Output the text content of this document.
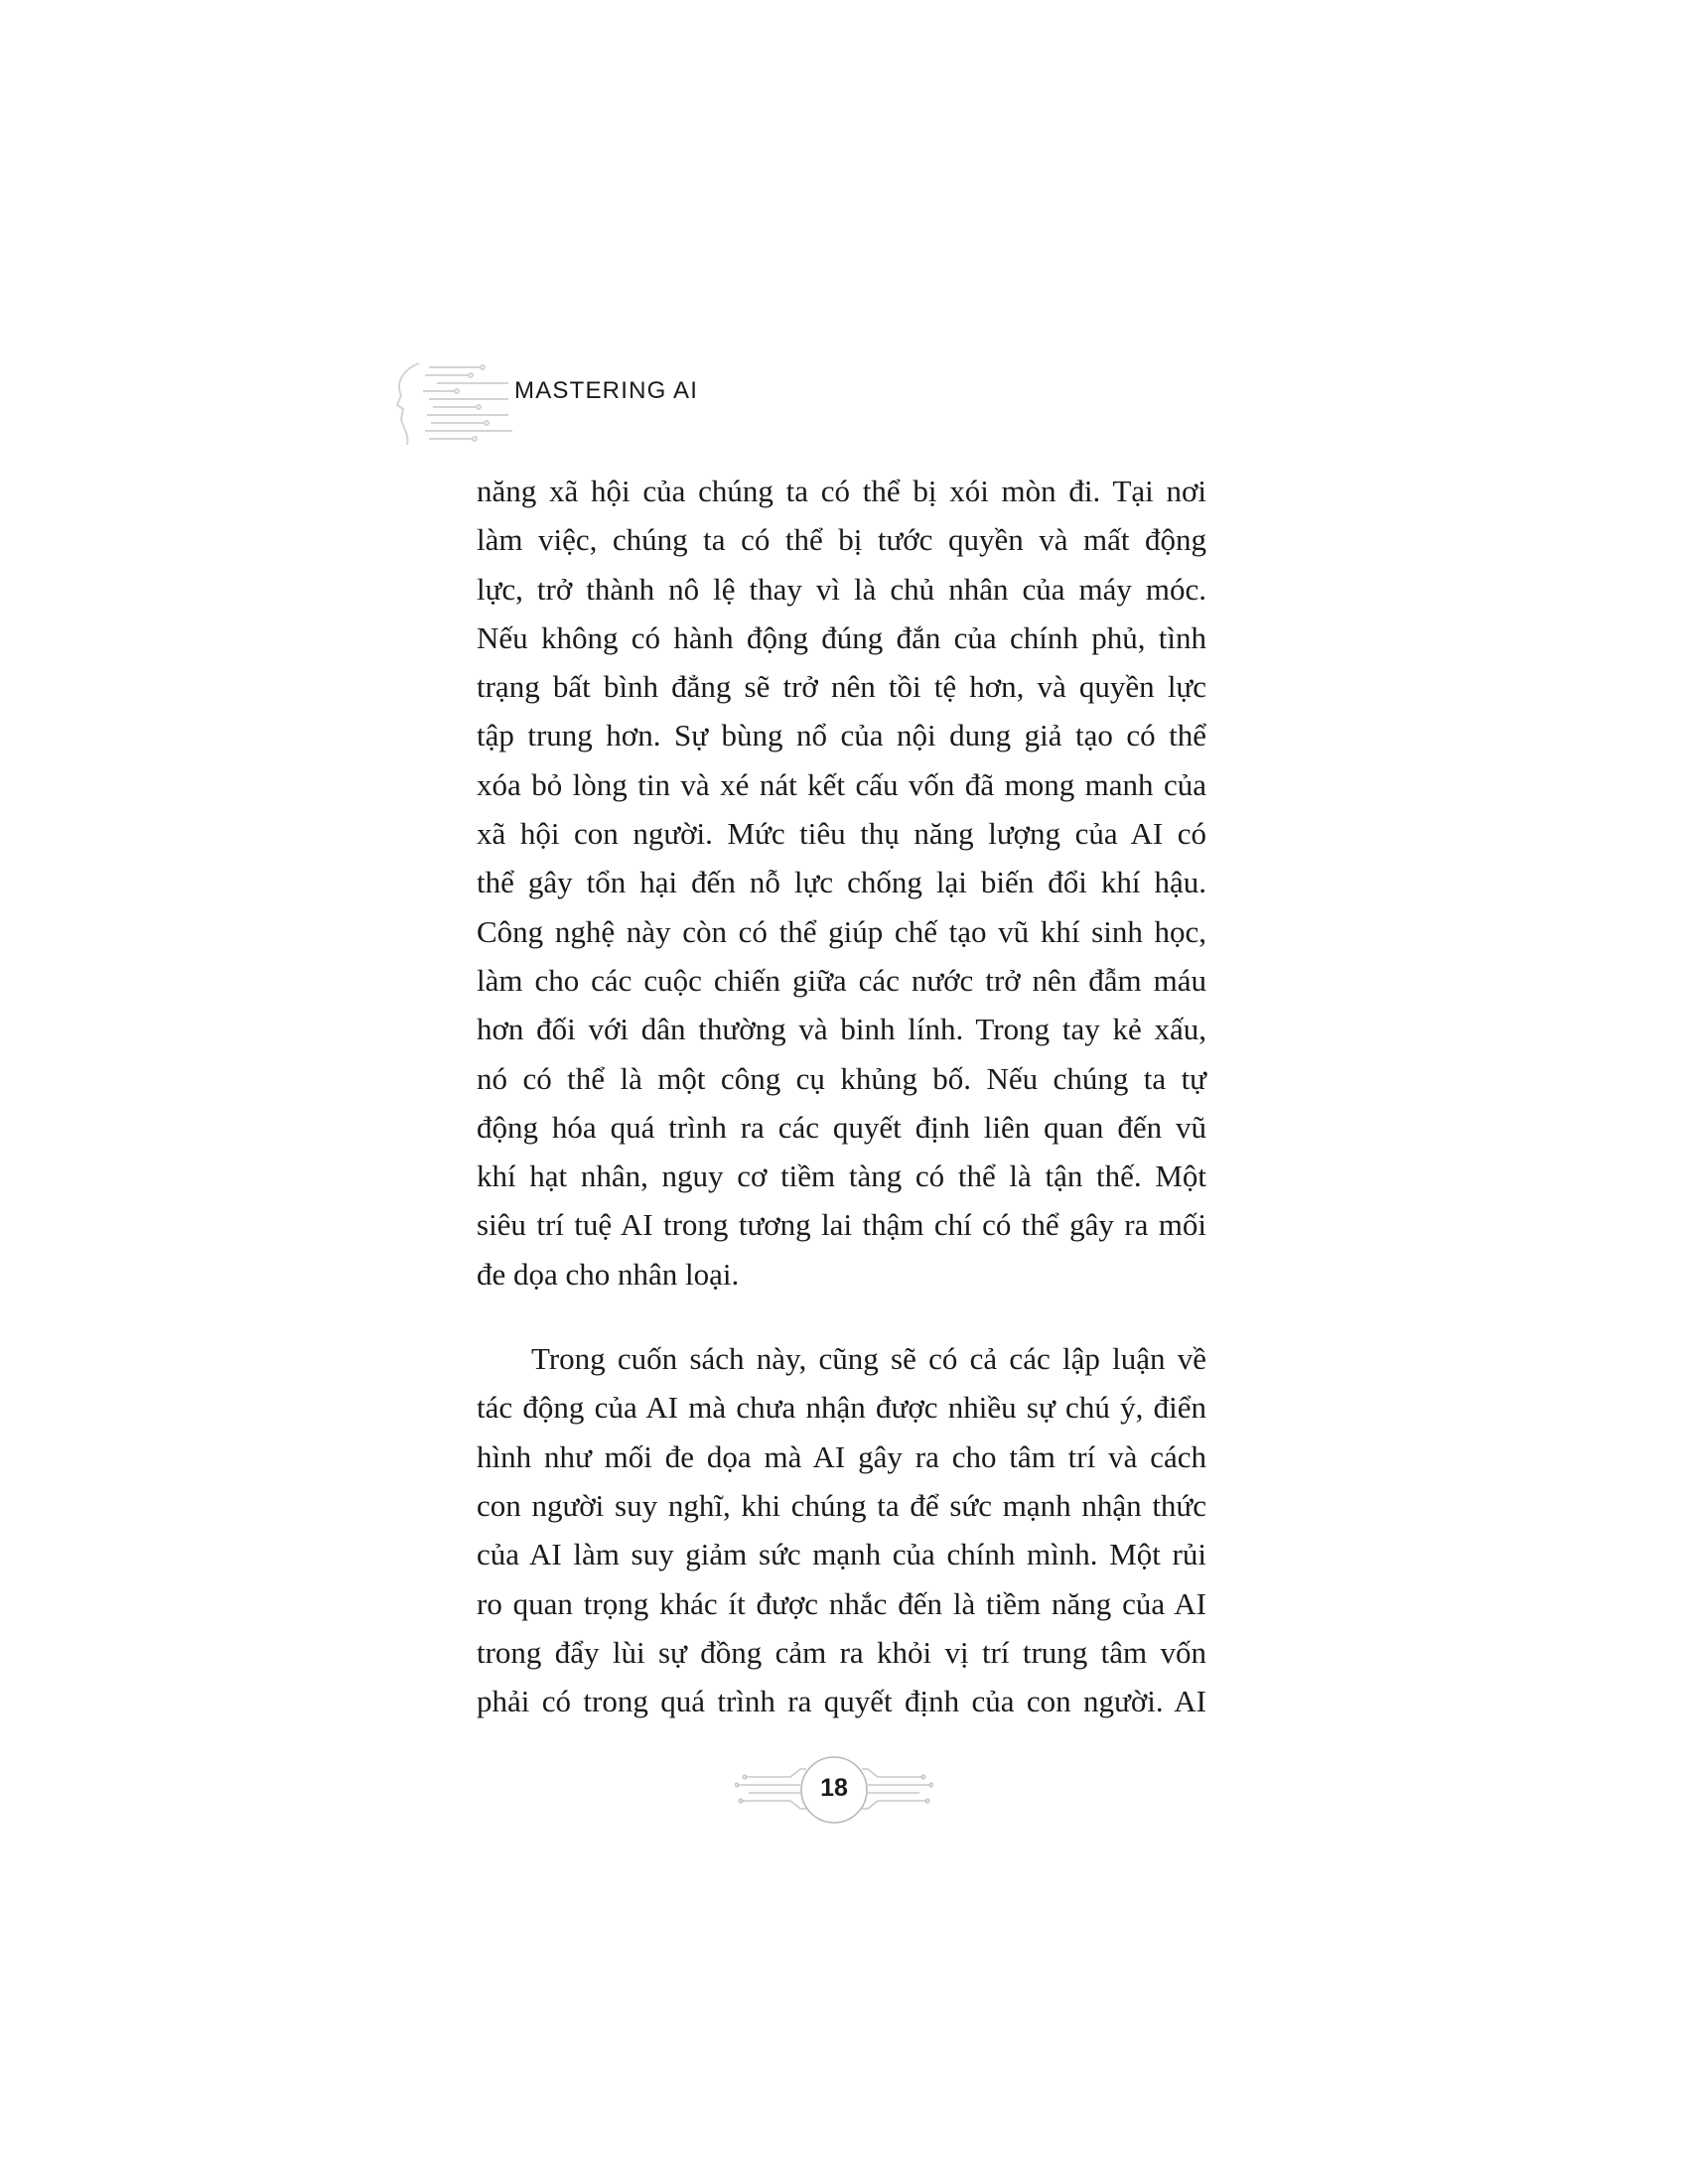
MASTERING AI
năng xã hội của chúng ta có thể bị xói mòn đi. Tại nơi
làm việc, chúng ta có thể bị tước quyền và mất động
lực, trở thành nô lệ thay vì là chủ nhân của máy móc.
Nếu không có hành động đúng đắn của chính phủ, tình
trạng bất bình đẳng sẽ trở nên tồi tệ hơn, và quyền lực
tập trung hơn. Sự bùng nổ của nội dung giả tạo có thể
xóa bỏ lòng tin và xé nát kết cấu vốn đã mong manh của
xã hội con người. Mức tiêu thụ năng lượng của AI có
thể gây tổn hại đến nỗ lực chống lại biến đổi khí hậu.
Công nghệ này còn có thể giúp chế tạo vũ khí sinh học,
làm cho các cuộc chiến giữa các nước trở nên đẫm máu
hơn đối với dân thường và binh lính. Trong tay kẻ xấu,
nó có thể là một công cụ khủng bố. Nếu chúng ta tự
động hóa quá trình ra các quyết định liên quan đến vũ
khí hạt nhân, nguy cơ tiềm tàng có thể là tận thế. Một
siêu trí tuệ AI trong tương lai thậm chí có thể gây ra mối
đe dọa cho nhân loại.
Trong cuốn sách này, cũng sẽ có cả các lập luận về
tác động của AI mà chưa nhận được nhiều sự chú ý, điển
hình như mối đe dọa mà AI gây ra cho tâm trí và cách
con người suy nghĩ, khi chúng ta để sức mạnh nhận thức
của AI làm suy giảm sức mạnh của chính mình. Một rủi
ro quan trọng khác ít được nhắc đến là tiềm năng của AI
trong đẩy lùi sự đồng cảm ra khỏi vị trí trung tâm vốn
phải có trong quá trình ra quyết định của con người. AI
18
